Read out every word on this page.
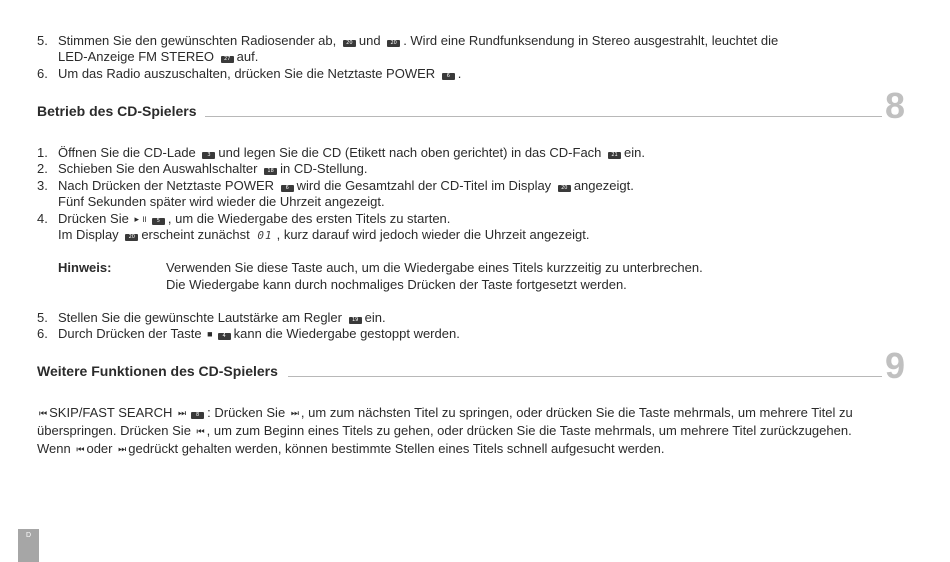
5. Stimmen Sie den gewünschten Radiosender ab, 20 und 20 . Wird eine Rundfunksendung in Stereo ausgestrahlt, leuchtet die
LED-Anzeige FM STEREO 27 auf.
6. Um das Radio auszuschalten, drücken Sie die Netztaste POWER 6 .
Betrieb des CD-Spielers	8
1. Öffnen Sie die CD-Lade 3 und legen Sie die CD (Etikett nach oben gerichtet) in das CD-Fach 21 ein.
2. Schieben Sie den Auswahlschalter 18 in CD-Stellung.
3. Nach Drücken der Netztaste POWER 6 wird die Gesamtzahl der CD-Titel im Display 20 angezeigt.
Fünf Sekunden später wird wieder die Uhrzeit angezeigt.
4. Drücken Sie ▸ ॥ 5 , um die Wiedergabe des ersten Titels zu starten.
Im Display 20 erscheint zunächst 01 , kurz darauf wird jedoch wieder die Uhrzeit angezeigt.
Hinweis:	Verwenden Sie diese Taste auch, um die Wiedergabe eines Titels kurzzeitig zu unterbrechen.
Die Wiedergabe kann durch nochmaliges Drücken der Taste fortgesetzt werden.
5. Stellen Sie die gewünschte Lautstärke am Regler 19 ein.
6. Durch Drücken der Taste ■ 4 kann die Wiedergabe gestoppt werden.
Weitere Funktionen des CD-Spielers	9
⏮ SKIP/FAST SEARCH ⏭ 8 : Drücken Sie ⏭ , um zum nächsten Titel zu springen, oder drücken Sie die Taste mehrmals, um mehrere Titel zu überspringen. Drücken Sie ⏮ , um zum Beginn eines Titels zu gehen, oder drücken Sie die Taste mehrmals, um mehrere Titel zurückzugehen. Wenn ⏮ oder ⏭ gedrückt gehalten werden, können bestimmte Stellen eines Titels schnell aufgesucht werden.
D
